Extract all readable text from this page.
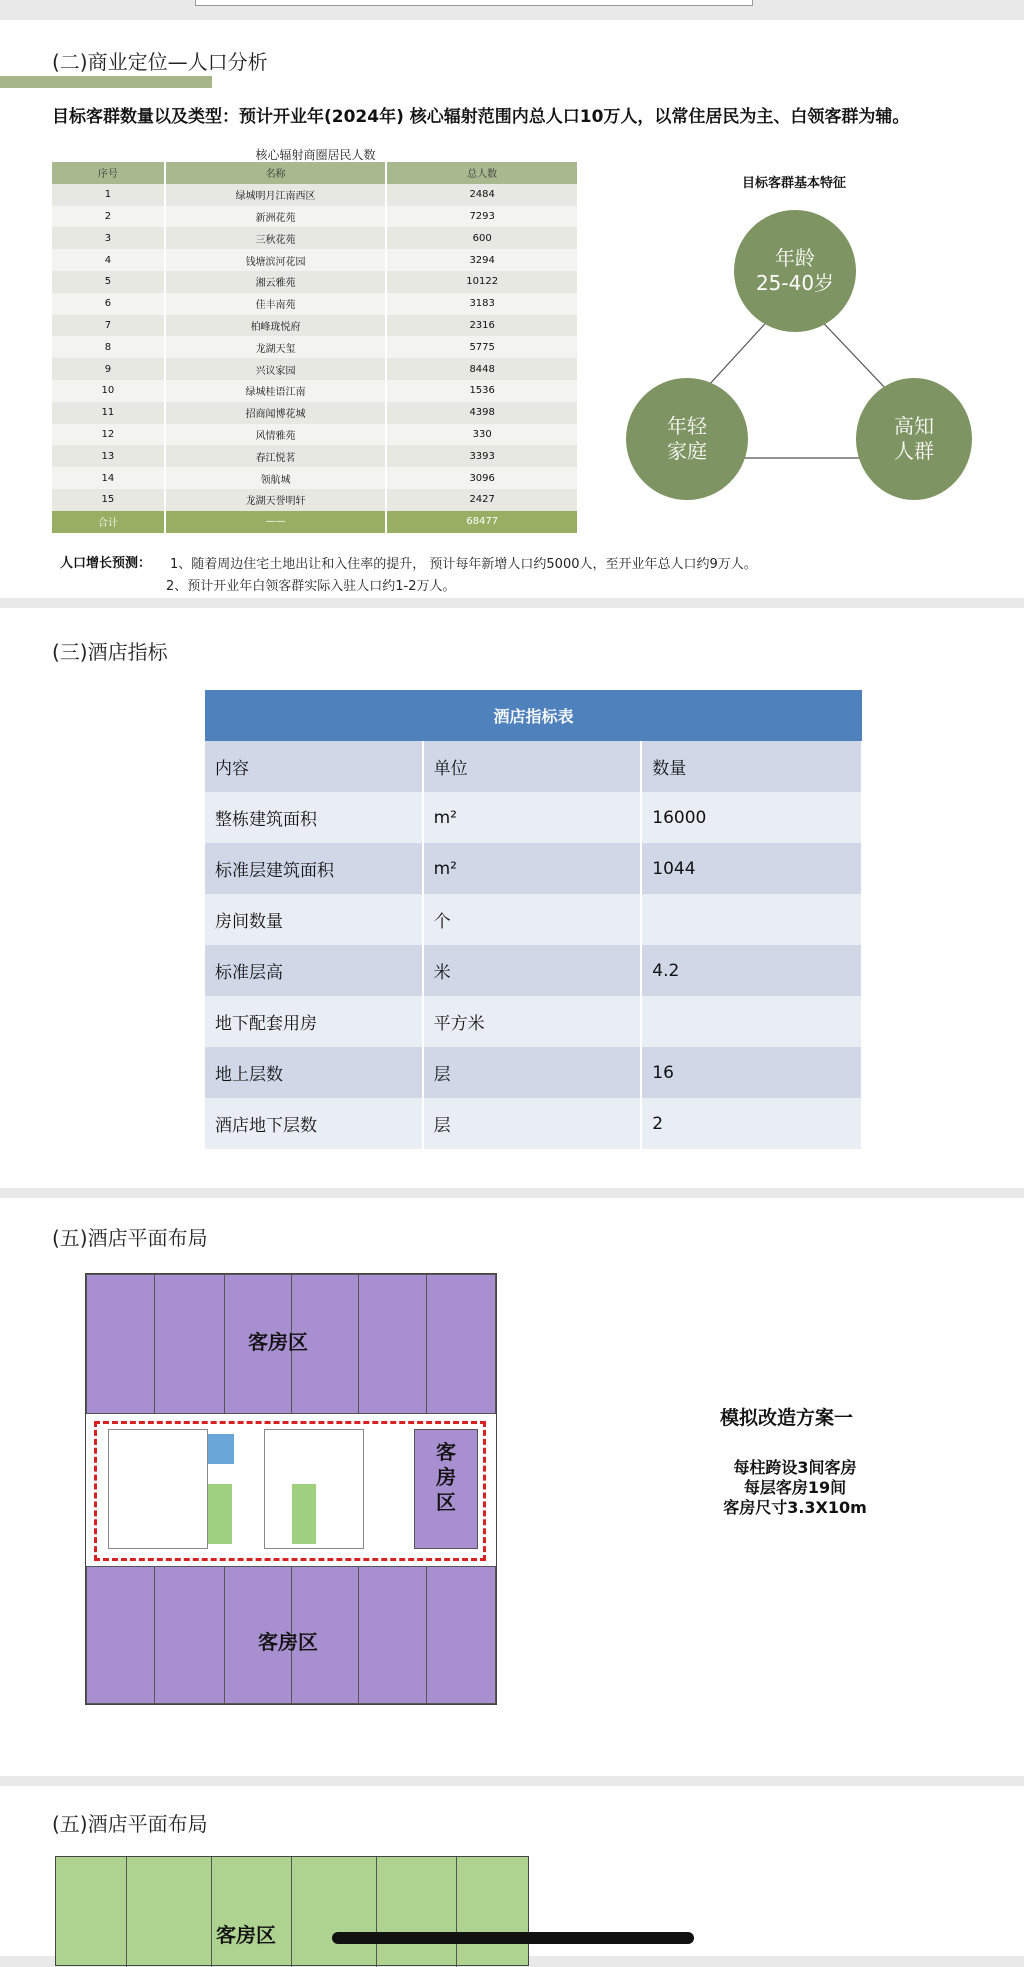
(二)商业定位—人口分析
目标客群数量以及类型：预计开业年(2024年) 核心辐射范围内总人口10万人，以常住居民为主、白领客群为辅。
核心辐射商圈居民人数
序号	名称	总人数
1	绿城明月江南西区	2484
2	新洲花苑	7293
3	三秋花苑	600
4	钱塘滨河花园	3294
5	湘云雅苑	10122
6	佳丰南苑	3183
7	柏峰珑悦府	2316
8	龙湖天玺	5775
9	兴议家园	8448
10	绿城桂语江南	1536
11	招商闻博花城	4398
12	风情雅苑	330
13	春江悦茗	3393
14	领航城	3096
15	龙湖天誉明轩	2427
合计	——	68477
目标客群基本特征
年龄
25-40岁
年轻
家庭
高知
人群
人口增长预测： 1、随着周边住宅土地出让和入住率的提升， 预计每年新增人口约5000人，至开业年总人口约9万人。
2、预计开业年白领客群实际入驻人口约1-2万人。
(三)酒店指标
酒店指标表		
内容	单位	数量
整栋建筑面积	m²	16000
标准层建筑面积	m²	1044
房间数量	个	
标准层高	米	4.2
地下配套用房	平方米	
地上层数	层	16
酒店地下层数	层	2
(五)酒店平面布局
客房区
客房区
客房区
模拟改造方案一
每柱跨设3间客房
每层客房19间
客房尺寸3.3X10m
(五)酒店平面布局
客房区
